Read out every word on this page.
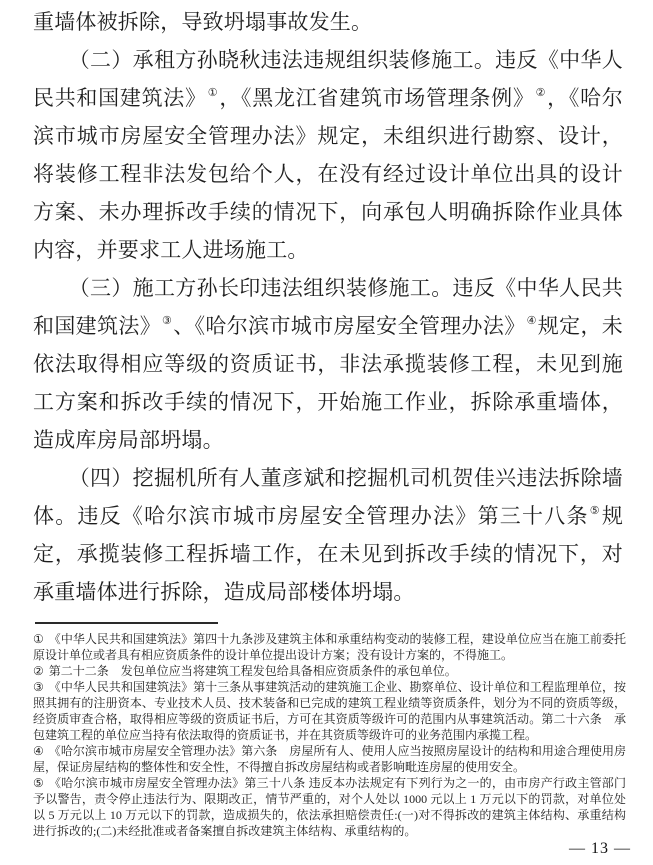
重墙体被拆除，导致坍塌事故发生。

（二）承租方孙晓秋违法违规组织装修施工。违反《中华人民共和国建筑法》①，《黑龙江省建筑市场管理条例》②，《哈尔滨市城市房屋安全管理办法》规定，未组织进行勘察、设计，将装修工程非法发包给个人，在没有经过设计单位出具的设计方案、未办理拆改手续的情况下，向承包人明确拆除作业具体内容，并要求工人进场施工。

（三）施工方孙长印违法组织装修施工。违反《中华人民共和国建筑法》③、《哈尔滨市城市房屋安全管理办法》④规定，未依法取得相应等级的资质证书，非法承揽装修工程，未见到施工方案和拆改手续的情况下，开始施工作业，拆除承重墙体，造成库房局部坍塌。

（四）挖掘机所有人董彦斌和挖掘机司机贺佳兴违法拆除墙体。违反《哈尔滨市城市房屋安全管理办法》第三十八条⑤规定，承揽装修工程拆墙工作，在未见到拆改手续的情况下，对承重墙体进行拆除，造成局部楼体坍塌。

① 《中华人民共和国建筑法》第四十九条涉及建筑主体和承重结构变动的装修工程，建设单位应当在施工前委托原设计单位或者具有相应资质条件的设计单位提出设计方案；没有设计方案的，不得施工。

② 第二十二条　发包单位应当将建筑工程发包给具备相应资质条件的承包单位。

③ 《中华人民共和国建筑法》第十三条从事建筑活动的建筑施工企业、勘察单位、设计单位和工程监理单位，按照其拥有的注册资本、专业技术人员、技术装备和已完成的建筑工程业绩等资质条件，划分为不同的资质等级，经资质审查合格，取得相应等级的资质证书后，方可在其资质等级许可的范围内从事建筑活动。第二十六条　承包建筑工程的单位应当持有依法取得的资质证书，并在其资质等级许可的业务范围内承揽工程。

④ 《哈尔滨市城市房屋安全管理办法》第六条　房屋所有人、使用人应当按照房屋设计的结构和用途合理使用房屋，保证房屋结构的整体性和安全性，不得擅自拆改房屋结构或者影响毗连房屋的使用安全。

⑤ 《哈尔滨市城市房屋安全管理办法》第三十八条 违反本办法规定有下列行为之一的，由市房产行政主管部门予以警告，责令停止违法行为、限期改正，情节严重的，对个人处以 1000 元以上 1 万元以下的罚款，对单位处以 5 万元以上 10 万元以下的罚款，造成损失的，依法承担赔偿责任:(一)对不得拆改的建筑主体结构、承重结构进行拆改的;(二)未经批准或者备案擅自拆改建筑主体结构、承重结构的。

— 13 —
